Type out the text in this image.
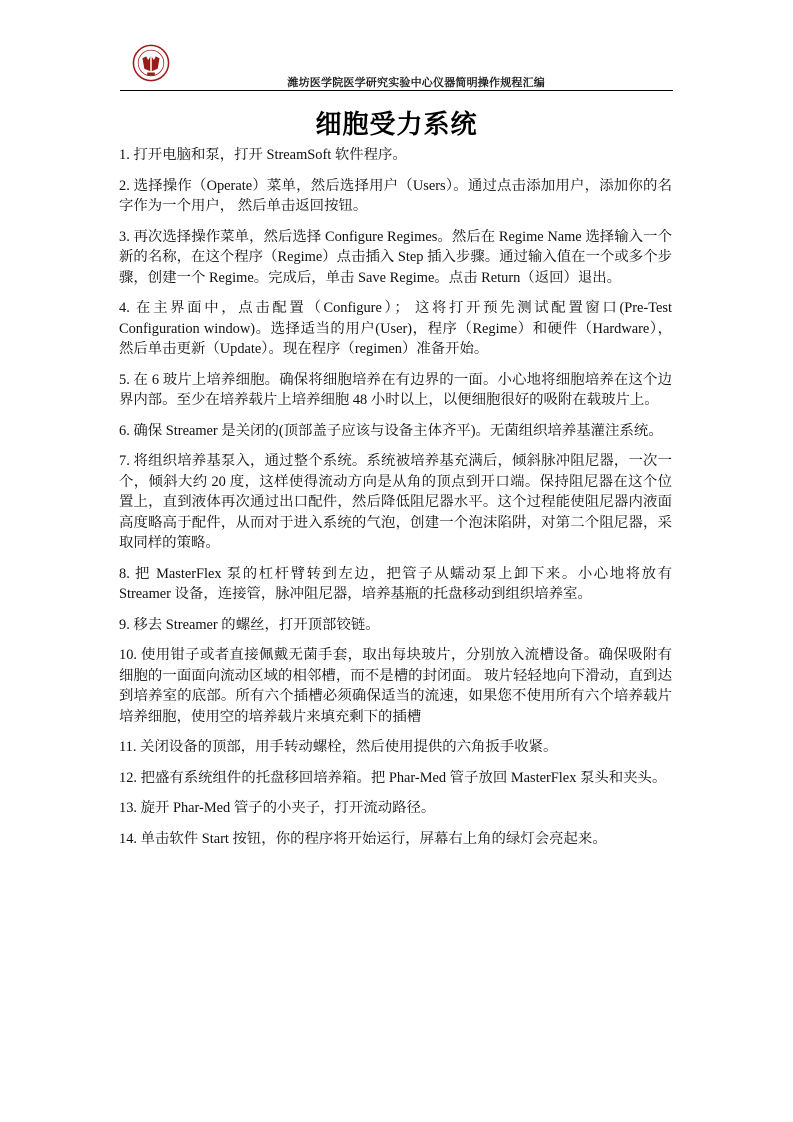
潍坊医学院医学研究实验中心仪器简明操作规程汇编
细胞受力系统

1. 打开电脑和泵，打开 StreamSoft 软件程序。

2. 选择操作（Operate）菜单，然后选择用户（Users）。通过点击添加用户，添加你的名字作为一个用户， 然后单击返回按钮。

3. 再次选择操作菜单，然后选择 Configure Regimes。然后在 Regime Name 选择输入一个新的名称，在这个程序（Regime）点击插入 Step 插入步骤。通过输入值在一个或多个步骤，创建一个 Regime。完成后，单击 Save Regime。点击 Return（返回）退出。

4. 在主界面中，点击配置（Configure）； 这将打开预先测试配置窗口(Pre-Test Configuration window)。选择适当的用户(User)，程序（Regime）和硬件（Hardware），然后单击更新（Update）。现在程序（regimen）准备开始。

5. 在 6 玻片上培养细胞。确保将细胞培养在有边界的一面。小心地将细胞培养在这个边界内部。至少在培养载片上培养细胞 48 小时以上，以便细胞很好的吸附在载玻片上。

6. 确保 Streamer 是关闭的(顶部盖子应该与设备主体齐平)。无菌组织培养基灌注系统。

7. 将组织培养基泵入，通过整个系统。系统被培养基充满后，倾斜脉冲阻尼器，一次一个，倾斜大约 20 度，这样使得流动方向是从角的顶点到开口端。保持阻尼器在这个位置上，直到液体再次通过出口配件，然后降低阻尼器水平。这个过程能使阻尼器内液面高度略高于配件，从而对于进入系统的气泡，创建一个泡沫陷阱，对第二个阻尼器，采取同样的策略。

8. 把 MasterFlex 泵的杠杆臂转到左边，把管子从蠕动泵上卸下来。小心地将放有 Streamer 设备，连接管，脉冲阻尼器，培养基瓶的托盘移动到组织培养室。

9. 移去 Streamer 的螺丝，打开顶部铰链。

10. 使用钳子或者直接佩戴无菌手套，取出每块玻片，分别放入流槽设备。确保吸附有细胞的一面面向流动区域的相邻槽，而不是槽的封闭面。 玻片轻轻地向下滑动，直到达到培养室的底部。所有六个插槽必须确保适当的流速，如果您不使用所有六个培养载片培养细胞，使用空的培养载片来填充剩下的插槽

11. 关闭设备的顶部，用手转动螺栓，然后使用提供的六角扳手收紧。

12. 把盛有系统组件的托盘移回培养箱。把 Phar-Med 管子放回 MasterFlex 泵头和夹头。

13. 旋开 Phar-Med 管子的小夹子，打开流动路径。

14. 单击软件 Start 按钮，你的程序将开始运行，屏幕右上角的绿灯会亮起来。
